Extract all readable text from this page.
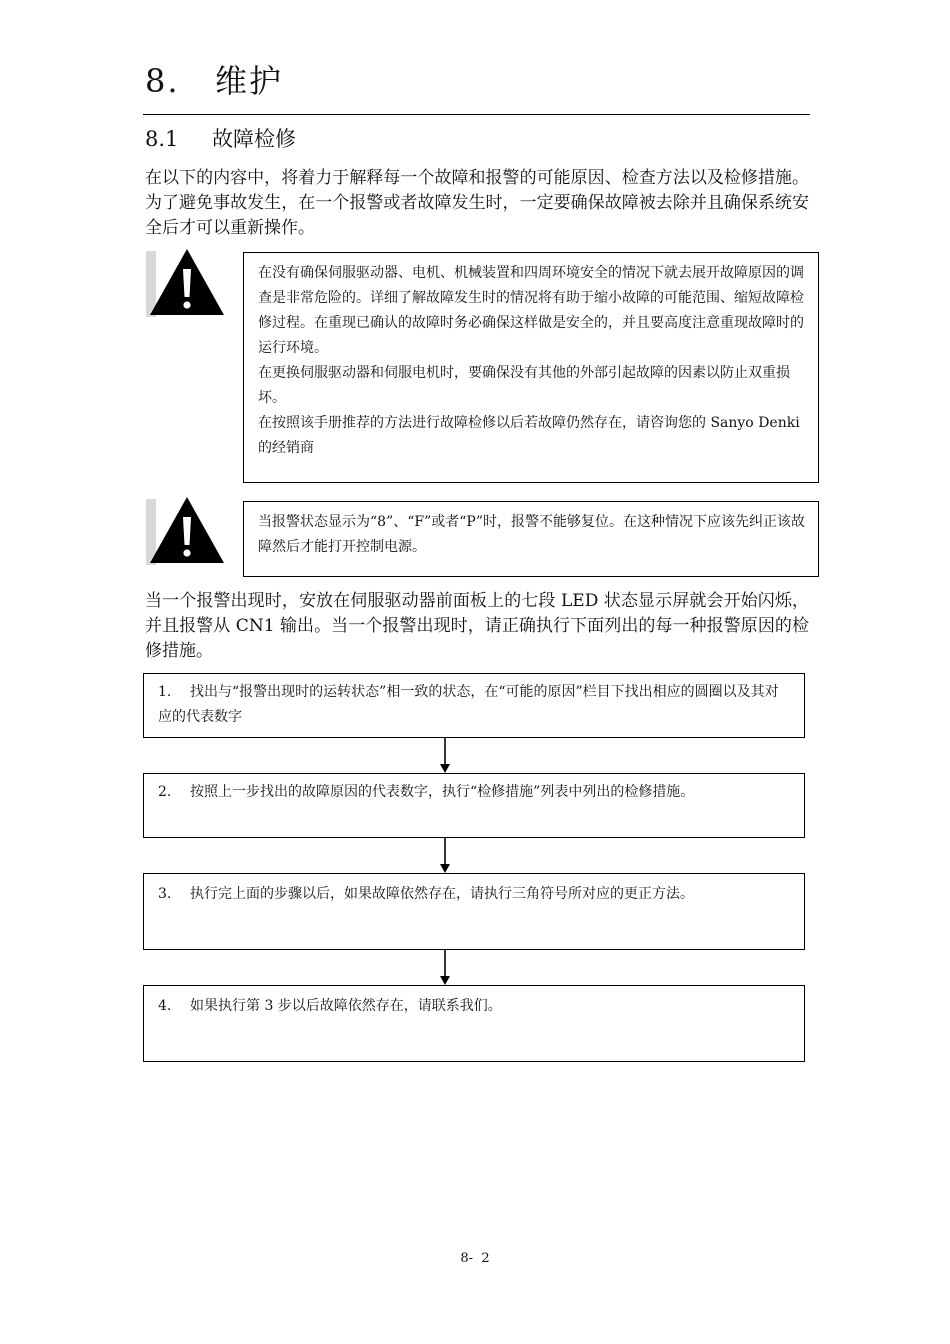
8. 维护
8.1 故障检修
在以下的内容中，将着力于解释每一个故障和报警的可能原因、检查方法以及检修措施。为了避免事故发生，在一个报警或者故障发生时，一定要确保故障被去除并且确保系统安全后才可以重新操作。

在没有确保伺服驱动器、电机、机械装置和四周环境安全的情况下就去展开故障原因的调查是非常危险的。详细了解故障发生时的情况将有助于缩小故障的可能范围、缩短故障检修过程。在重现已确认的故障时务必确保这样做是安全的，并且要高度注意重现故障时的运行环境。

在更换伺服驱动器和伺服电机时，要确保没有其他的外部引起故障的因素以防止双重损坏。

在按照该手册推荐的方法进行故障检修以后若故障仍然存在，请咨询您的 Sanyo Denki 的经销商

当报警状态显示为“8”、“F”或者“P”时，报警不能够复位。在这种情况下应该先纠正该故障然后才能打开控制电源。

当一个报警出现时，安放在伺服驱动器前面板上的七段 LED 状态显示屏就会开始闪烁，并且报警从 CN1 输出。当一个报警出现时，请正确执行下面列出的每一种报警原因的检修措施。
1. 找出与“报警出现时的运转状态”相一致的状态，在“可能的原因”栏目下找出相应的圆圈以及其对应的代表数字
2. 按照上一步找出的故障原因的代表数字，执行“检修措施”列表中列出的检修措施。
3. 执行完上面的步骤以后，如果故障依然存在，请执行三角符号所对应的更正方法。
4. 如果执行第 3 步以后故障依然存在，请联系我们。
8-  2
